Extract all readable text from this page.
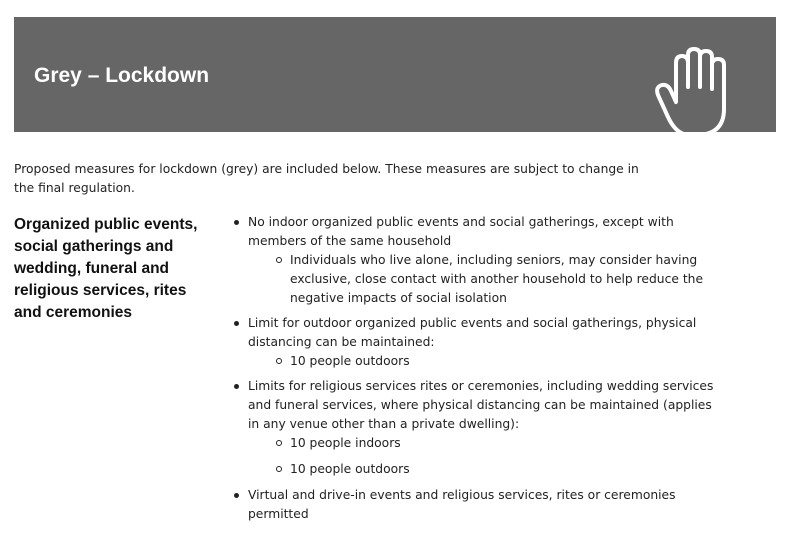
Grey – Lockdown

Proposed measures for lockdown (grey) are included below. These measures are subject to change in the final regulation.

Organized public events, social gatherings and wedding, funeral and religious services, rites and ceremonies
No indoor organized public events and social gatherings, except with members of the same household
Individuals who live alone, including seniors, may consider having exclusive, close contact with another household to help reduce the negative impacts of social isolation
Limit for outdoor organized public events and social gatherings, physical distancing can be maintained:
10 people outdoors
Limits for religious services rites or ceremonies, including wedding services and funeral services, where physical distancing can be maintained (applies in any venue other than a private dwelling):
10 people indoors
10 people outdoors
Virtual and drive-in events and religious services, rites or ceremonies permitted
